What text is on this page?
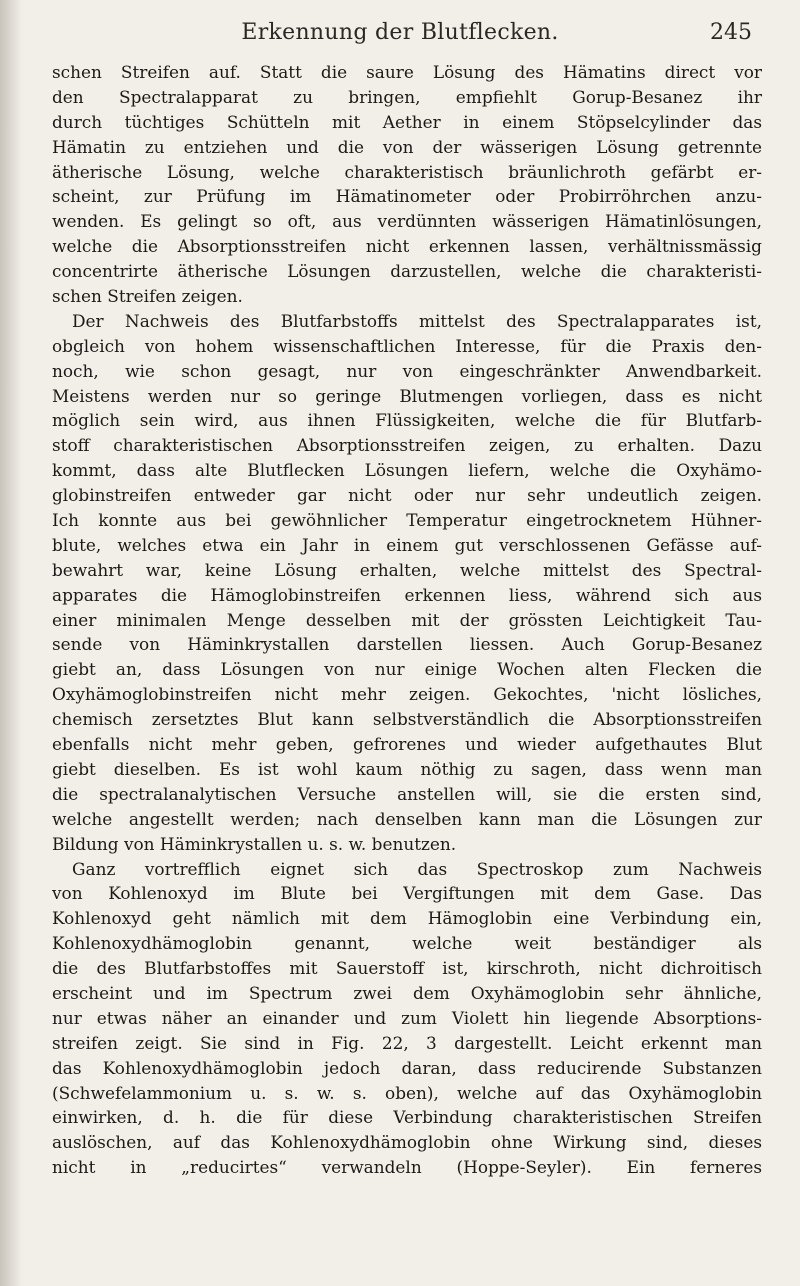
Erkennung der Blutflecken.	245
schen Streifen auf. Statt die saure Lösung des Hämatins direct vor
den Spectralapparat zu bringen, empfiehlt Gorup-Besanez ihr
durch tüchtiges Schütteln mit Aether in einem Stöpselcylinder das
Hämatin zu entziehen und die von der wässerigen Lösung getrennte
ätherische Lösung, welche charakteristisch bräunlichroth gefärbt er-
scheint, zur Prüfung im Hämatinometer oder Probirröhrchen anzu-
wenden. Es gelingt so oft, aus verdünnten wässerigen Hämatinlösungen,
welche die Absorptionsstreifen nicht erkennen lassen, verhältnissmässig
concentrirte ätherische Lösungen darzustellen, welche die charakteristi-
schen Streifen zeigen.
Der Nachweis des Blutfarbstoffs mittelst des Spectralapparates ist,
obgleich von hohem wissenschaftlichen Interesse, für die Praxis den-
noch, wie schon gesagt, nur von eingeschränkter Anwendbarkeit.
Meistens werden nur so geringe Blutmengen vorliegen, dass es nicht
möglich sein wird, aus ihnen Flüssigkeiten, welche die für Blutfarb-
stoff charakteristischen Absorptionsstreifen zeigen, zu erhalten. Dazu
kommt, dass alte Blutflecken Lösungen liefern, welche die Oxyhämo-
globinstreifen entweder gar nicht oder nur sehr undeutlich zeigen.
Ich konnte aus bei gewöhnlicher Temperatur eingetrocknetem Hühner-
blute, welches etwa ein Jahr in einem gut verschlossenen Gefässe auf-
bewahrt war, keine Lösung erhalten, welche mittelst des Spectral-
apparates die Hämoglobinstreifen erkennen liess, während sich aus
einer minimalen Menge desselben mit der grössten Leichtigkeit Tau-
sende von Häminkrystallen darstellen liessen. Auch Gorup-Besanez
giebt an, dass Lösungen von nur einige Wochen alten Flecken die
Oxyhämoglobinstreifen nicht mehr zeigen. Gekochtes, 'nicht lösliches,
chemisch zersetztes Blut kann selbstverständlich die Absorptionsstreifen
ebenfalls nicht mehr geben, gefrorenes und wieder aufgethautes Blut
giebt dieselben. Es ist wohl kaum nöthig zu sagen, dass wenn man
die spectralanalytischen Versuche anstellen will, sie die ersten sind,
welche angestellt werden; nach denselben kann man die Lösungen zur
Bildung von Häminkrystallen u. s. w. benutzen.
Ganz vortrefflich eignet sich das Spectroskop zum Nachweis
von Kohlenoxyd im Blute bei Vergiftungen mit dem Gase. Das
Kohlenoxyd geht nämlich mit dem Hämoglobin eine Verbindung ein,
Kohlenoxydhämoglobin genannt, welche weit beständiger als
die des Blutfarbstoffes mit Sauerstoff ist, kirschroth, nicht dichroitisch
erscheint und im Spectrum zwei dem Oxyhämoglobin sehr ähnliche,
nur etwas näher an einander und zum Violett hin liegende Absorptions-
streifen zeigt. Sie sind in Fig. 22, 3 dargestellt. Leicht erkennt man
das Kohlenoxydhämoglobin jedoch daran, dass reducirende Substanzen
(Schwefelammonium u. s. w. s. oben), welche auf das Oxyhämoglobin
einwirken, d. h. die für diese Verbindung charakteristischen Streifen
auslöschen, auf das Kohlenoxydhämoglobin ohne Wirkung sind, dieses
nicht in „reducirtes“ verwandeln (Hoppe-Seyler). Ein ferneres
